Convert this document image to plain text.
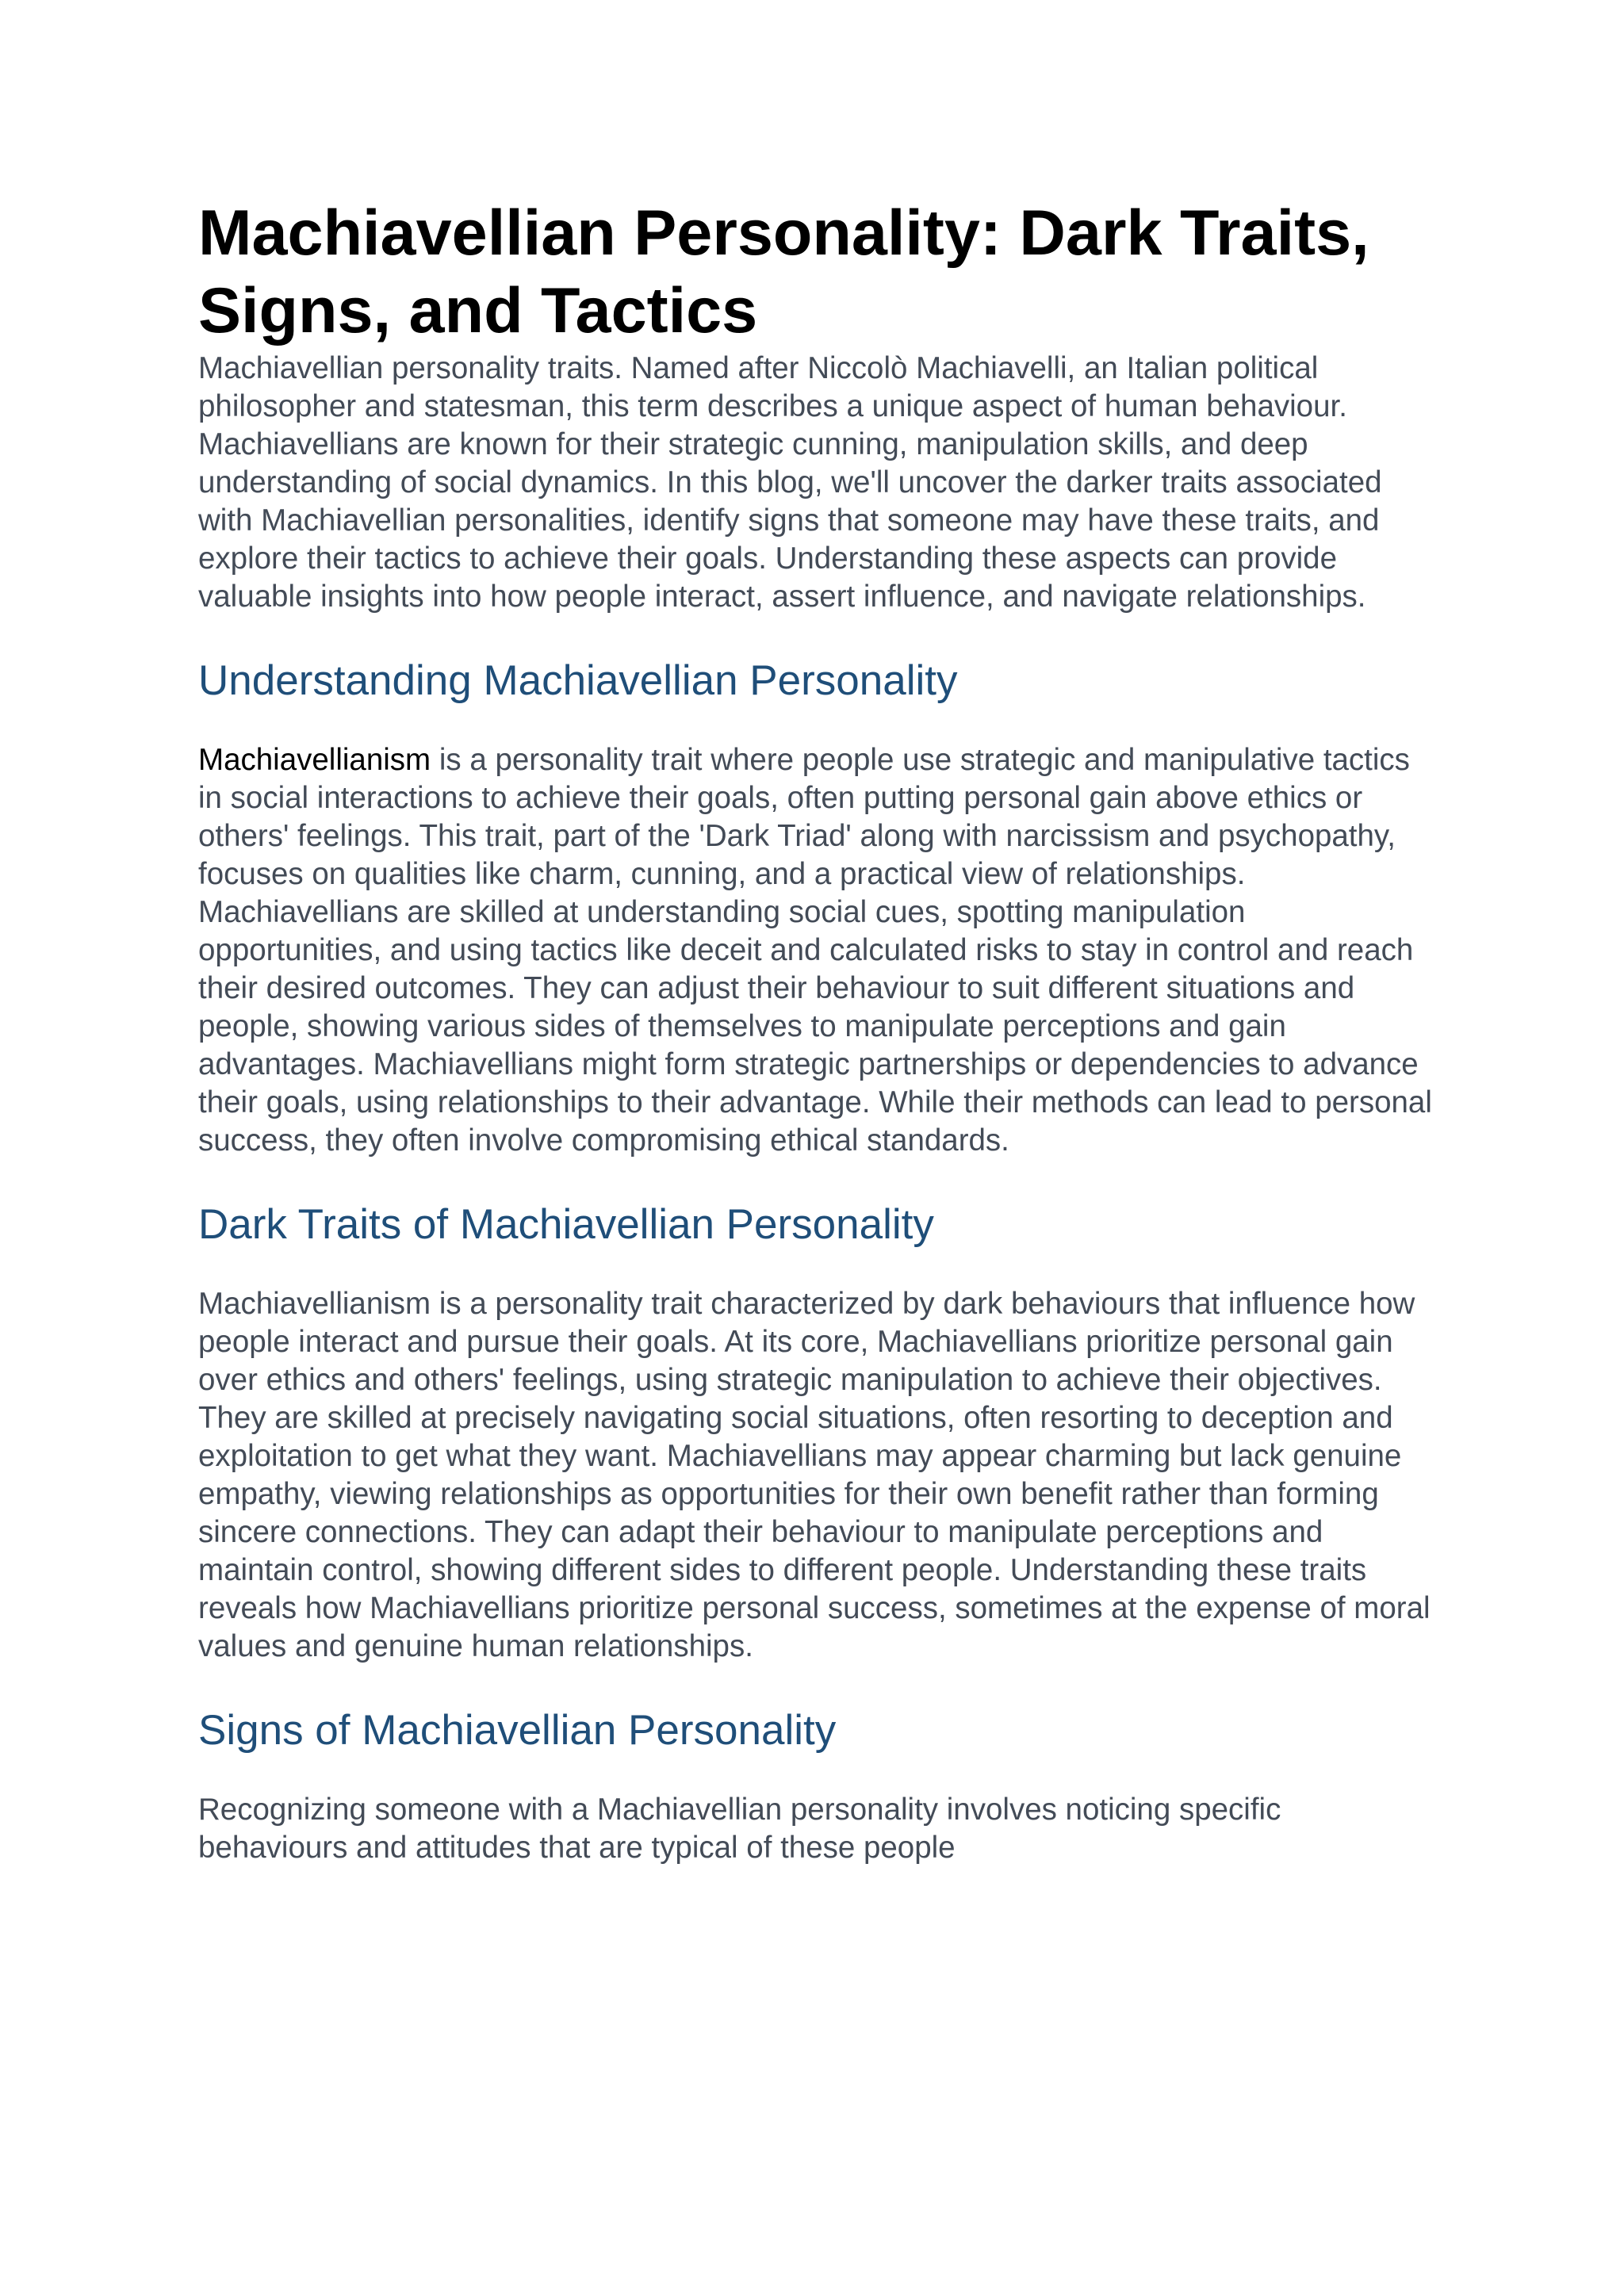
Machiavellian Personality: Dark Traits, Signs, and Tactics

Machiavellian personality traits. Named after Niccolò Machiavelli, an Italian political philosopher and statesman, this term describes a unique aspect of human behaviour. Machiavellians are known for their strategic cunning, manipulation skills, and deep understanding of social dynamics. In this blog, we'll uncover the darker traits associated with Machiavellian personalities, identify signs that someone may have these traits, and explore their tactics to achieve their goals. Understanding these aspects can provide valuable insights into how people interact, assert influence, and navigate relationships.

Understanding Machiavellian Personality

Machiavellianism is a personality trait where people use strategic and manipulative tactics in social interactions to achieve their goals, often putting personal gain above ethics or others' feelings. This trait, part of the 'Dark Triad' along with narcissism and psychopathy, focuses on qualities like charm, cunning, and a practical view of relationships. Machiavellians are skilled at understanding social cues, spotting manipulation opportunities, and using tactics like deceit and calculated risks to stay in control and reach their desired outcomes. They can adjust their behaviour to suit different situations and people, showing various sides of themselves to manipulate perceptions and gain advantages. Machiavellians might form strategic partnerships or dependencies to advance their goals, using relationships to their advantage. While their methods can lead to personal success, they often involve compromising ethical standards.

Dark Traits of Machiavellian Personality

Machiavellianism is a personality trait characterized by dark behaviours that influence how people interact and pursue their goals. At its core, Machiavellians prioritize personal gain over ethics and others' feelings, using strategic manipulation to achieve their objectives. They are skilled at precisely navigating social situations, often resorting to deception and exploitation to get what they want. Machiavellians may appear charming but lack genuine empathy, viewing relationships as opportunities for their own benefit rather than forming sincere connections. They can adapt their behaviour to manipulate perceptions and maintain control, showing different sides to different people. Understanding these traits reveals how Machiavellians prioritize personal success, sometimes at the expense of moral values and genuine human relationships.

Signs of Machiavellian Personality

Recognizing someone with a Machiavellian personality involves noticing specific behaviours and attitudes that are typical of these people
